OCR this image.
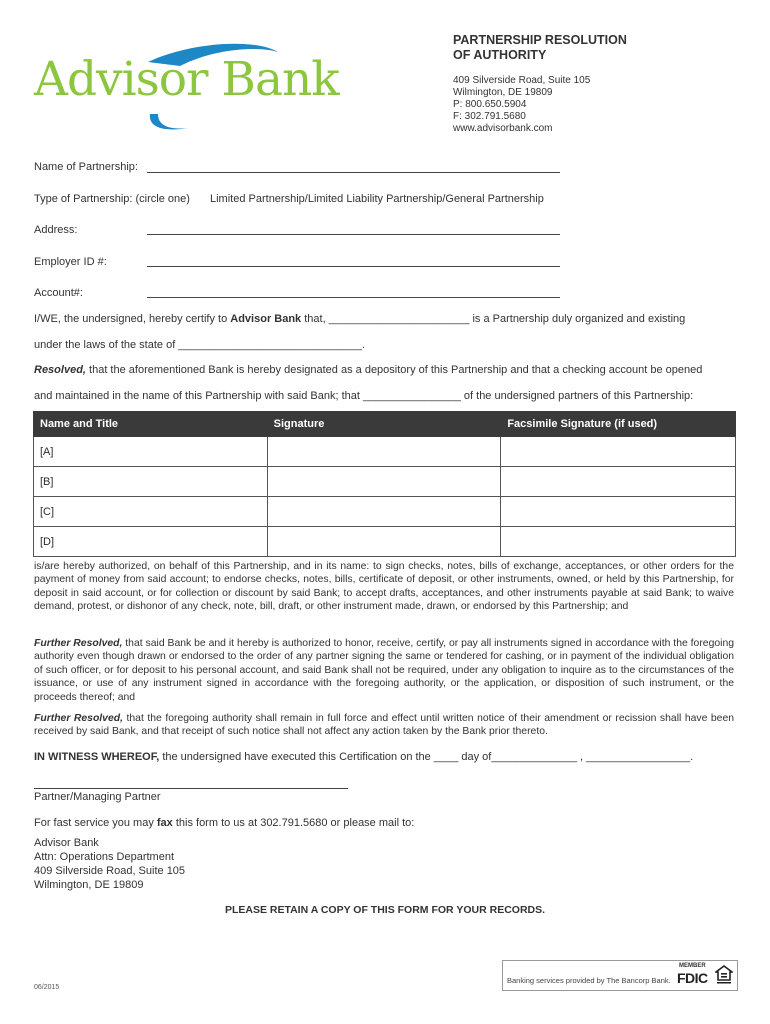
Advisor Bank
PARTNERSHIP RESOLUTION
OF AUTHORITY
409 Silverside Road, Suite 105
Wilmington, DE 19809
P: 800.650.5904
F: 302.791.5680
www.advisorbank.com
Name of Partnership:
Type of Partnership: (circle one) Limited Partnership/Limited Liability Partnership/General Partnership
Address:
Employer ID #:
Account#:
I/WE, the undersigned, hereby certify to Advisor Bank that, _______________________ is a Partnership duly organized and existing
under the laws of the state of ______________________________.
Resolved, that the aforementioned Bank is hereby designated as a depository of this Partnership and that a checking account be opened
and maintained in the name of this Partnership with said Bank; that ________________ of the undersigned partners of this Partnership:
Name and Title	Signature	Facsimile Signature (if used)
[A]		
[B]		
[C]		
[D]		
is/are hereby authorized, on behalf of this Partnership, and in its name: to sign checks, notes, bills of exchange, acceptances, or other orders for the payment of money from said account; to endorse checks, notes, bills, certificate of deposit, or other instruments, owned, or held by this Partnership, for deposit in said account, or for collection or discount by said Bank; to accept drafts, acceptances, and other instruments payable at said Bank; to waive demand, protest, or dishonor of any check, note, bill, draft, or other instrument made, drawn, or endorsed by this Partnership; and
Further Resolved, that said Bank be and it hereby is authorized to honor, receive, certify, or pay all instruments signed in accordance with the foregoing authority even though drawn or endorsed to the order of any partner signing the same or tendered for cashing, or in payment of the individual obligation of such officer, or for deposit to his personal account, and said Bank shall not be required, under any obligation to inquire as to the circumstances of the issuance, or use of any instrument signed in accordance with the foregoing authority, or the application, or disposition of such instrument, or the proceeds thereof; and
Further Resolved, that the foregoing authority shall remain in full force and effect until written notice of their amendment or recission shall have been received by said Bank, and that receipt of such notice shall not affect any action taken by the Bank prior thereto.
IN WITNESS WHEREOF, the undersigned have executed this Certification on the ____ day of______________ , _________________.
Partner/Managing Partner
For fast service you may fax this form to us at 302.791.5680 or please mail to:
Advisor Bank
Attn: Operations Department
409 Silverside Road, Suite 105
Wilmington, DE 19809
PLEASE RETAIN A COPY OF THIS FORM FOR YOUR RECORDS.
06/2015
Banking services provided by The Bancorp Bank.
MEMBER
FDIC
